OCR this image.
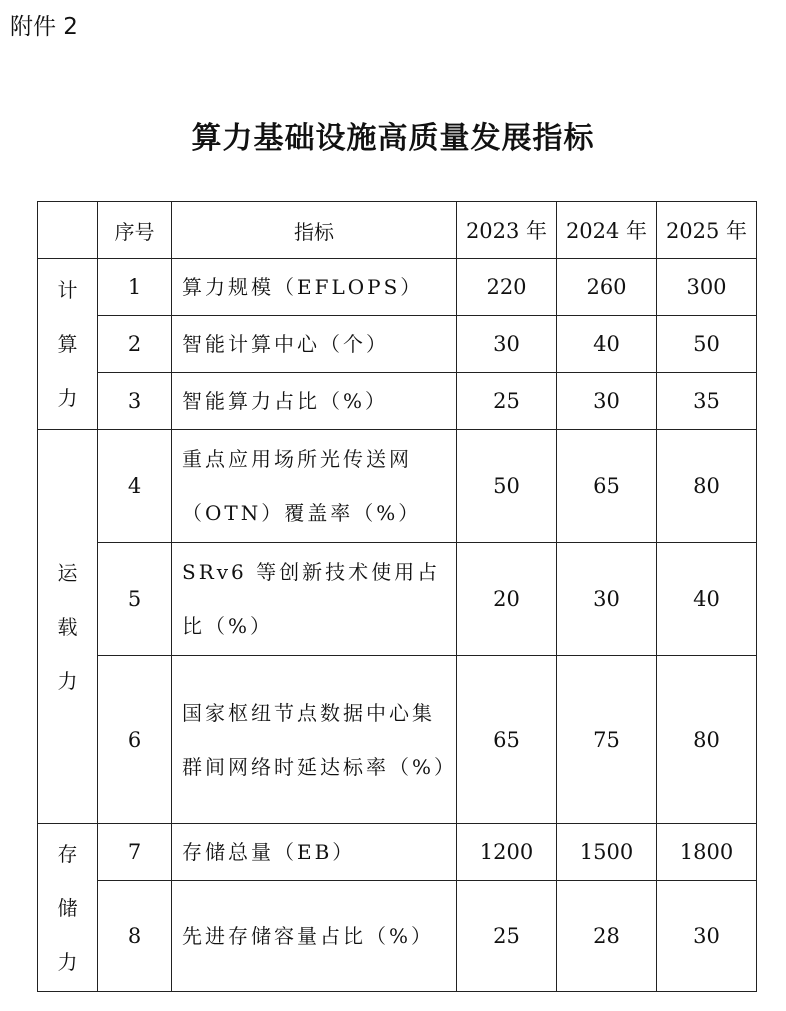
附件 2
算力基础设施高质量发展指标
	序号	指标	2023 年	2024 年	2025 年

计
算
力	1	算力规模（EFLOPS）	220	260	300
	2	智能计算中心（个）	30	40	50
	3	智能算力占比（%）	25	30	35

运
载
力	4	重点应用场所光传送网（OTN）覆盖率（%）	50	65	80
	5	SRv6 等创新技术使用占比（%）	20	30	40
	6	国家枢纽节点数据中心集群间网络时延达标率（%）	65	75	80

存
储
力	7	存储总量（EB）	1200	1500	1800
	8	先进存储容量占比（%）	25	28	30
